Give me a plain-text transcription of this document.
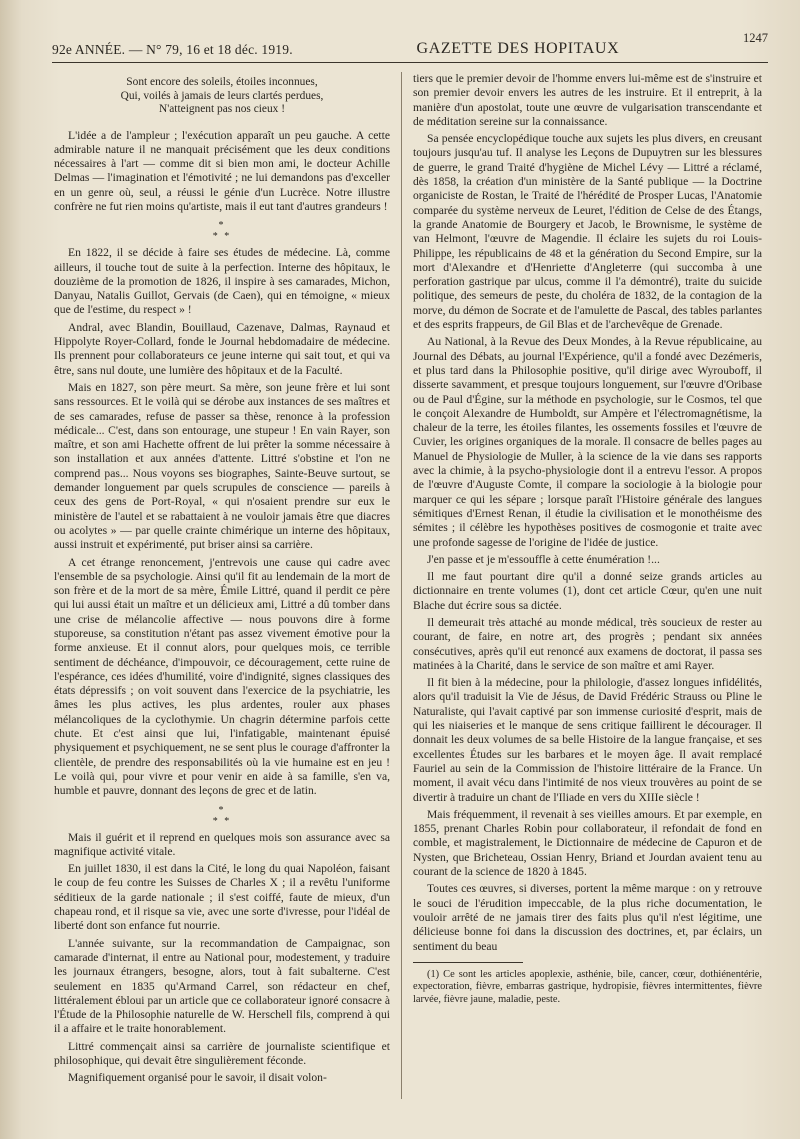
92e ANNÉE. — N° 79, 16 et 18 déc. 1919.	GAZETTE DES HOPITAUX
1247
Sont encore des soleils, étoiles inconnues,
Qui, voilés à jamais de leurs clartés perdues,
N'atteignent pas nos cieux !

L'idée a de l'ampleur ; l'exécution apparaît un peu gauche. A cette admirable nature il ne manquait précisément que les deux conditions nécessaires à l'art — comme dit si bien mon ami, le docteur Achille Delmas — l'imagination et l'émotivité ; ne lui demandons pas d'exceller en un genre où, seul, a réussi le génie d'un Lucrèce. Notre illustre confrère ne fut rien moins qu'artiste, mais il eut tant d'autres grandeurs !

*
* *

En 1822, il se décide à faire ses études de médecine. Là, comme ailleurs, il touche tout de suite à la perfection. Interne des hôpitaux, le douzième de la promotion de 1826, il inspire à ses camarades, Michon, Danyau, Natalis Guillot, Gervais (de Caen), qui en témoigne, « mieux que de l'estime, du respect » !

Andral, avec Blandin, Bouillaud, Cazenave, Dalmas, Raynaud et Hippolyte Royer-Collard, fonde le Journal hebdomadaire de médecine. Ils prennent pour collaborateurs ce jeune interne qui sait tout, et qui va être, sans nul doute, une lumière des hôpitaux et de la Faculté.

Mais en 1827, son père meurt. Sa mère, son jeune frère et lui sont sans ressources. Et le voilà qui se dérobe aux instances de ses maîtres et de ses camarades, refuse de passer sa thèse, renonce à la profession médicale... C'est, dans son entourage, une stupeur ! En vain Rayer, son maître, et son ami Hachette offrent de lui prêter la somme nécessaire à son installation et aux années d'attente. Littré s'obstine et l'on ne comprend pas... Nous voyons ses biographes, Sainte-Beuve surtout, se demander longuement par quels scrupules de conscience — pareils à ceux des gens de Port-Royal, « qui n'osaient prendre sur eux le ministère de l'autel et se rabattaient à ne vouloir jamais être que diacres ou acolytes » — par quelle crainte chimérique un interne des hôpitaux, aussi instruit et expérimenté, put briser ainsi sa carrière.

A cet étrange renoncement, j'entrevois une cause qui cadre avec l'ensemble de sa psychologie. Ainsi qu'il fit au lendemain de la mort de son frère et de la mort de sa mère, Émile Littré, quand il perdit ce père qui lui aussi était un maître et un délicieux ami, Littré a dû tomber dans une crise de mélancolie affective — nous pouvons dire à forme stuporeuse, sa constitution n'étant pas assez vivement émotive pour la forme anxieuse. Et il connut alors, pour quelques mois, ce terrible sentiment de déchéance, d'impouvoir, ce découragement, cette ruine de l'espérance, ces idées d'humilité, voire d'indignité, signes classiques des états dépressifs ; on voit souvent dans l'exercice de la psychiatrie, les âmes les plus actives, les plus ardentes, rouler aux phases mélancoliques de la cyclothymie. Un chagrin détermine parfois cette chute. Et c'est ainsi que lui, l'infatigable, maintenant épuisé physiquement et psychiquement, ne se sent plus le courage d'affronter la clientèle, de prendre des responsabilités où la vie humaine est en jeu ! Le voilà qui, pour vivre et pour venir en aide à sa famille, s'en va, humble et pauvre, donnant des leçons de grec et de latin.

*
* *

Mais il guérit et il reprend en quelques mois son assurance avec sa magnifique activité vitale.

En juillet 1830, il est dans la Cité, le long du quai Napoléon, faisant le coup de feu contre les Suisses de Charles X ; il a revêtu l'uniforme séditieux de la garde nationale ; il s'est coiffé, faute de mieux, d'un chapeau rond, et il risque sa vie, avec une sorte d'ivresse, pour l'idéal de liberté dont son enfance fut nourrie.

L'année suivante, sur la recommandation de Campaignac, son camarade d'internat, il entre au National pour, modestement, y traduire les journaux étrangers, besogne, alors, tout à fait subalterne. C'est seulement en 1835 qu'Armand Carrel, son rédacteur en chef, littéralement ébloui par un article que ce collaborateur ignoré consacre à l'Étude de la Philosophie naturelle de W. Herschell fils, comprend à qui il a affaire et le traite honorablement.

Littré commençait ainsi sa carrière de journaliste scientifique et philosophique, qui devait être singulièrement féconde.

Magnifiquement organisé pour le savoir, il disait volon-

tiers que le premier devoir de l'homme envers lui-même est de s'instruire et son premier devoir envers les autres de les instruire. Et il entreprit, à la manière d'un apostolat, toute une œuvre de vulgarisation transcendante et de méditation sereine sur la connaissance.

Sa pensée encyclopédique touche aux sujets les plus divers, en creusant toujours jusqu'au tuf. Il analyse les Leçons de Dupuytren sur les blessures de guerre, le grand Traité d'hygiène de Michel Lévy — Littré a réclamé, dès 1858, la création d'un ministère de la Santé publique — la Doctrine organiciste de Rostan, le Traité de l'hérédité de Prosper Lucas, l'Anatomie comparée du système nerveux de Leuret, l'édition de Celse de des Étangs, la grande Anatomie de Bourgery et Jacob, le Brownisme, le système de van Helmont, l'œuvre de Magendie. Il éclaire les sujets du roi Louis-Philippe, les républicains de 48 et la génération du Second Empire, sur la mort d'Alexandre et d'Henriette d'Angleterre (qui succomba à une perforation gastrique par ulcus, comme il l'a démontré), traite du suicide politique, des semeurs de peste, du choléra de 1832, de la contagion de la morve, du démon de Socrate et de l'amulette de Pascal, des tables parlantes et des esprits frappeurs, de Gil Blas et de l'archevêque de Grenade.

Au National, à la Revue des Deux Mondes, à la Revue républicaine, au Journal des Débats, au journal l'Expérience, qu'il a fondé avec Dezémeris, et plus tard dans la Philosophie positive, qu'il dirige avec Wyrouboff, il disserte savamment, et presque toujours longuement, sur l'œuvre d'Oribase ou de Paul d'Égine, sur la méthode en psychologie, sur le Cosmos, tel que le conçoit Alexandre de Humboldt, sur Ampère et l'électromagnétisme, la chaleur de la terre, les étoiles filantes, les ossements fossiles et l'œuvre de Cuvier, les origines organiques de la morale. Il consacre de belles pages au Manuel de Physiologie de Muller, à la science de la vie dans ses rapports avec la chimie, à la psycho-physiologie dont il a entrevu l'essor. A propos de l'œuvre d'Auguste Comte, il compare la sociologie à la biologie pour marquer ce qui les sépare ; lorsque paraît l'Histoire générale des langues sémitiques d'Ernest Renan, il étudie la civilisation et le monothéisme des sémites ; il célèbre les hypothèses positives de cosmogonie et traite avec une profonde sagesse de l'origine de l'idée de justice.

J'en passe et je m'essouffle à cette énumération !...

Il me faut pourtant dire qu'il a donné seize grands articles au dictionnaire en trente volumes (1), dont cet article Cœur, qu'en une nuit Blache dut écrire sous sa dictée.

Il demeurait très attaché au monde médical, très soucieux de rester au courant, de faire, en notre art, des progrès ; pendant six années consécutives, après qu'il eut renoncé aux examens de doctorat, il passa ses matinées à la Charité, dans le service de son maître et ami Rayer.

Il fit bien à la médecine, pour la philologie, d'assez longues infidélités, alors qu'il traduisit la Vie de Jésus, de David Frédéric Strauss ou Pline le Naturaliste, qui l'avait captivé par son immense curiosité d'esprit, mais de qui les niaiseries et le manque de sens critique faillirent le décourager. Il donnait les deux volumes de sa belle Histoire de la langue française, et ses excellentes Études sur les barbares et le moyen âge. Il avait remplacé Fauriel au sein de la Commission de l'histoire littéraire de la France. Un moment, il avait vécu dans l'intimité de nos vieux trouvères au point de se divertir à traduire un chant de l'Iliade en vers du XIIIe siècle !

Mais fréquemment, il revenait à ses vieilles amours. Et par exemple, en 1855, prenant Charles Robin pour collaborateur, il refondait de fond en comble, et magistralement, le Dictionnaire de médecine de Capuron et de Nysten, que Bricheteau, Ossian Henry, Briand et Jourdan avaient tenu au courant de la science de 1820 à 1845.

Toutes ces œuvres, si diverses, portent la même marque : on y retrouve le souci de l'érudition impeccable, de la plus riche documentation, le vouloir arrêté de ne jamais tirer des faits plus qu'il n'est légitime, une délicieuse bonne foi dans la discussion des doctrines, et, par éclairs, un sentiment du beau

(1) Ce sont les articles apoplexie, asthénie, bile, cancer, cœur, dothiénentérie, expectoration, fièvre, embarras gastrique, hydropisie, fièvres intermittentes, fièvre larvée, fièvre jaune, maladie, peste.
